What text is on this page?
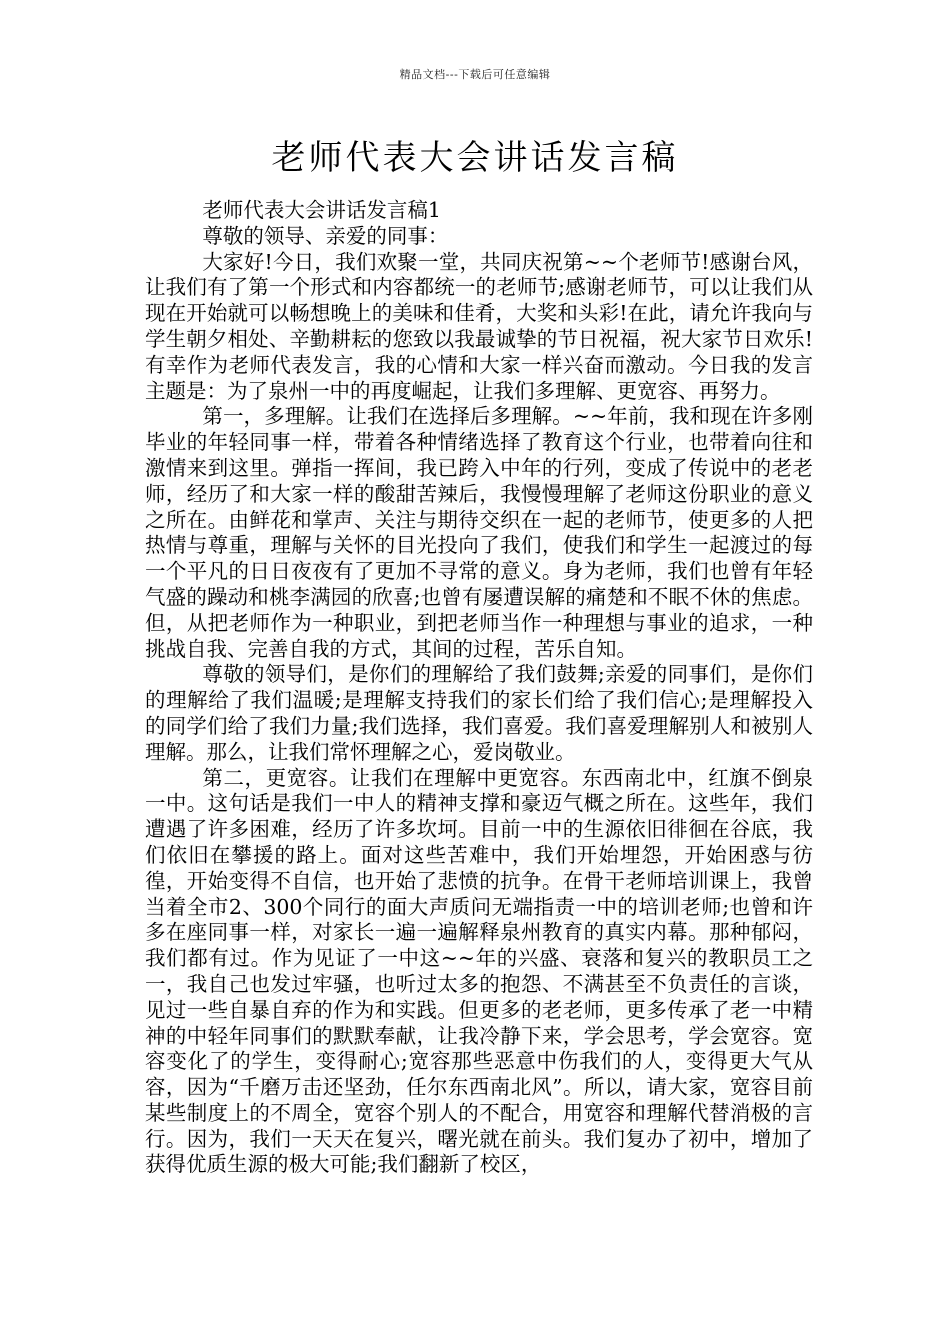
精品文档---下载后可任意编辑
老师代表大会讲话发言稿

老师代表大会讲话发言稿1

尊敬的领导、亲爱的同事：

大家好!今日，我们欢聚一堂，共同庆祝第~~个老师节!感谢台风，让我们有了第一个形式和内容都统一的老师节;感谢老师节，可以让我们从现在开始就可以畅想晚上的美味和佳肴，大奖和头彩!在此，请允许我向与学生朝夕相处、辛勤耕耘的您致以我最诚挚的节日祝福，祝大家节日欢乐!有幸作为老师代表发言，我的心情和大家一样兴奋而激动。今日我的发言主题是：为了泉州一中的再度崛起，让我们多理解、更宽容、再努力。

第一，多理解。让我们在选择后多理解。~~年前，我和现在许多刚毕业的年轻同事一样，带着各种情绪选择了教育这个行业，也带着向往和激情来到这里。弹指一挥间，我已跨入中年的行列，变成了传说中的老老师，经历了和大家一样的酸甜苦辣后，我慢慢理解了老师这份职业的意义之所在。由鲜花和掌声、关注与期待交织在一起的老师节，使更多的人把热情与尊重，理解与关怀的目光投向了我们，使我们和学生一起渡过的每一个平凡的日日夜夜有了更加不寻常的意义。身为老师，我们也曾有年轻气盛的躁动和桃李满园的欣喜;也曾有屡遭误解的痛楚和不眠不休的焦虑。但，从把老师作为一种职业，到把老师当作一种理想与事业的追求，一种挑战自我、完善自我的方式，其间的过程，苦乐自知。

尊敬的领导们，是你们的理解给了我们鼓舞;亲爱的同事们，是你们的理解给了我们温暖;是理解支持我们的家长们给了我们信心;是理解投入的同学们给了我们力量;我们选择，我们喜爱。我们喜爱理解别人和被别人理解。那么，让我们常怀理解之心，爱岗敬业。

第二，更宽容。让我们在理解中更宽容。东西南北中，红旗不倒泉一中。这句话是我们一中人的精神支撑和豪迈气概之所在。这些年，我们遭遇了许多困难，经历了许多坎坷。目前一中的生源依旧徘徊在谷底，我们依旧在攀援的路上。面对这些苦难中，我们开始埋怨，开始困惑与彷徨，开始变得不自信，也开始了悲愤的抗争。在骨干老师培训课上，我曾当着全市2、300个同行的面大声质问无端指责一中的培训老师;也曾和许多在座同事一样，对家长一遍一遍解释泉州教育的真实内幕。那种郁闷，我们都有过。作为见证了一中这~~年的兴盛、衰落和复兴的教职员工之一，我自己也发过牢骚，也听过太多的抱怨、不满甚至不负责任的言谈，见过一些自暴自弃的作为和实践。但更多的老老师，更多传承了老一中精神的中轻年同事们的默默奉献，让我冷静下来，学会思考，学会宽容。宽容变化了的学生，变得耐心;宽容那些恶意中伤我们的人，变得更大气从容，因为“千磨万击还坚劲，任尔东西南北风”。所以，请大家，宽容目前某些制度上的不周全，宽容个别人的不配合，用宽容和理解代替消极的言行。因为，我们一天天在复兴，曙光就在前头。我们复办了初中，增加了获得优质生源的极大可能;我们翻新了校区，
